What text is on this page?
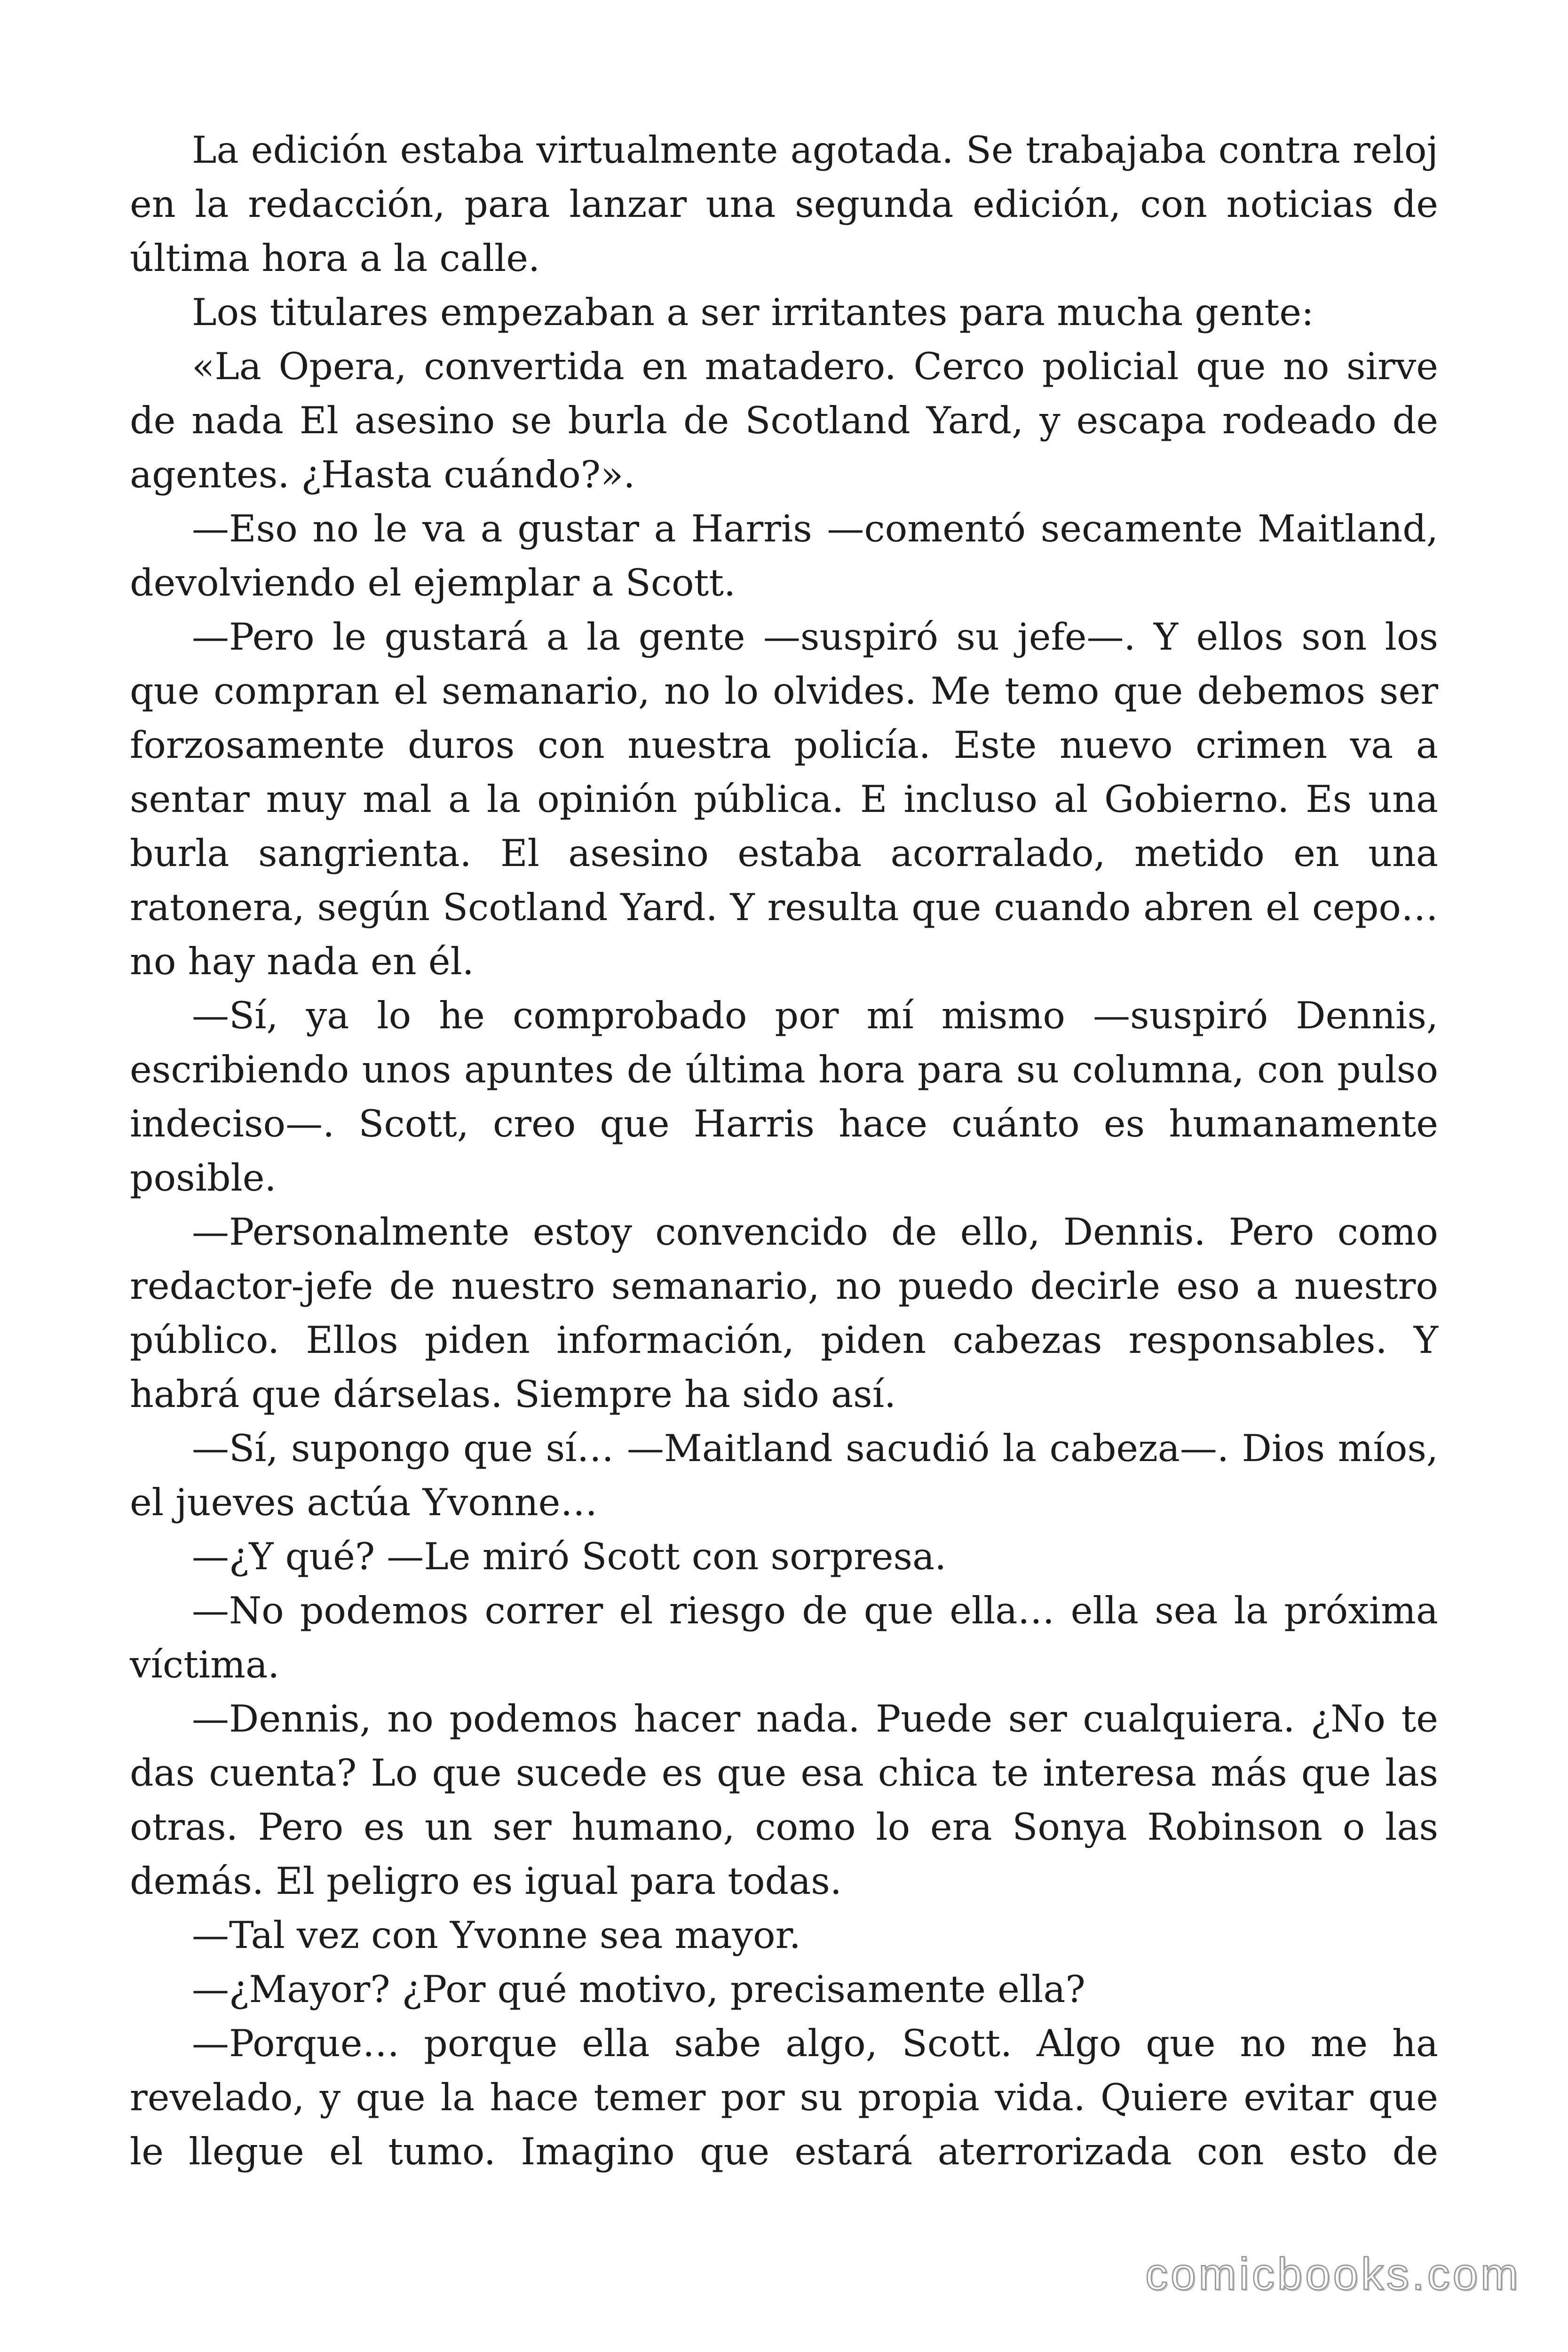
La edición estaba virtualmente agotada. Se trabajaba contra reloj en la redacción, para lanzar una segunda edición, con noticias de última hora a la calle.

Los titulares empezaban a ser irritantes para mucha gente:

«La Opera, convertida en matadero. Cerco policial que no sirve de nada El asesino se burla de Scotland Yard, y escapa rodeado de agentes. ¿Hasta cuándo?».

—Eso no le va a gustar a Harris —comentó secamente Maitland, devolviendo el ejemplar a Scott.

—Pero le gustará a la gente —suspiró su jefe—. Y ellos son los que compran el semanario, no lo olvides. Me temo que debemos ser forzosamente duros con nuestra policía. Este nuevo crimen va a sentar muy mal a la opinión pública. E incluso al Gobierno. Es una burla sangrienta. El asesino estaba acorralado, metido en una ratonera, según Scotland Yard. Y resulta que cuando abren el cepo… no hay nada en él.

—Sí, ya lo he comprobado por mí mismo —suspiró Dennis, escribiendo unos apuntes de última hora para su columna, con pulso indeciso—. Scott, creo que Harris hace cuánto es humanamente posible.

—Personalmente estoy convencido de ello, Dennis. Pero como redactor-jefe de nuestro semanario, no puedo decirle eso a nuestro público. Ellos piden información, piden cabezas responsables. Y habrá que dárselas. Siempre ha sido así.

—Sí, supongo que sí… —Maitland sacudió la cabeza—. Dios míos, el jueves actúa Yvonne…

—¿Y qué? —Le miró Scott con sorpresa.

—No podemos correr el riesgo de que ella… ella sea la próxima víctima.

—Dennis, no podemos hacer nada. Puede ser cualquiera. ¿No te das cuenta? Lo que sucede es que esa chica te interesa más que las otras. Pero es un ser humano, como lo era Sonya Robinson o las demás. El peligro es igual para todas.

—Tal vez con Yvonne sea mayor.

—¿Mayor? ¿Por qué motivo, precisamente ella?

—Porque… porque ella sabe algo, Scott. Algo que no me ha revelado, y que la hace temer por su propia vida. Quiere evitar que le llegue el tumo. Imagino que estará aterrorizada con esto de

comicbooks.com
